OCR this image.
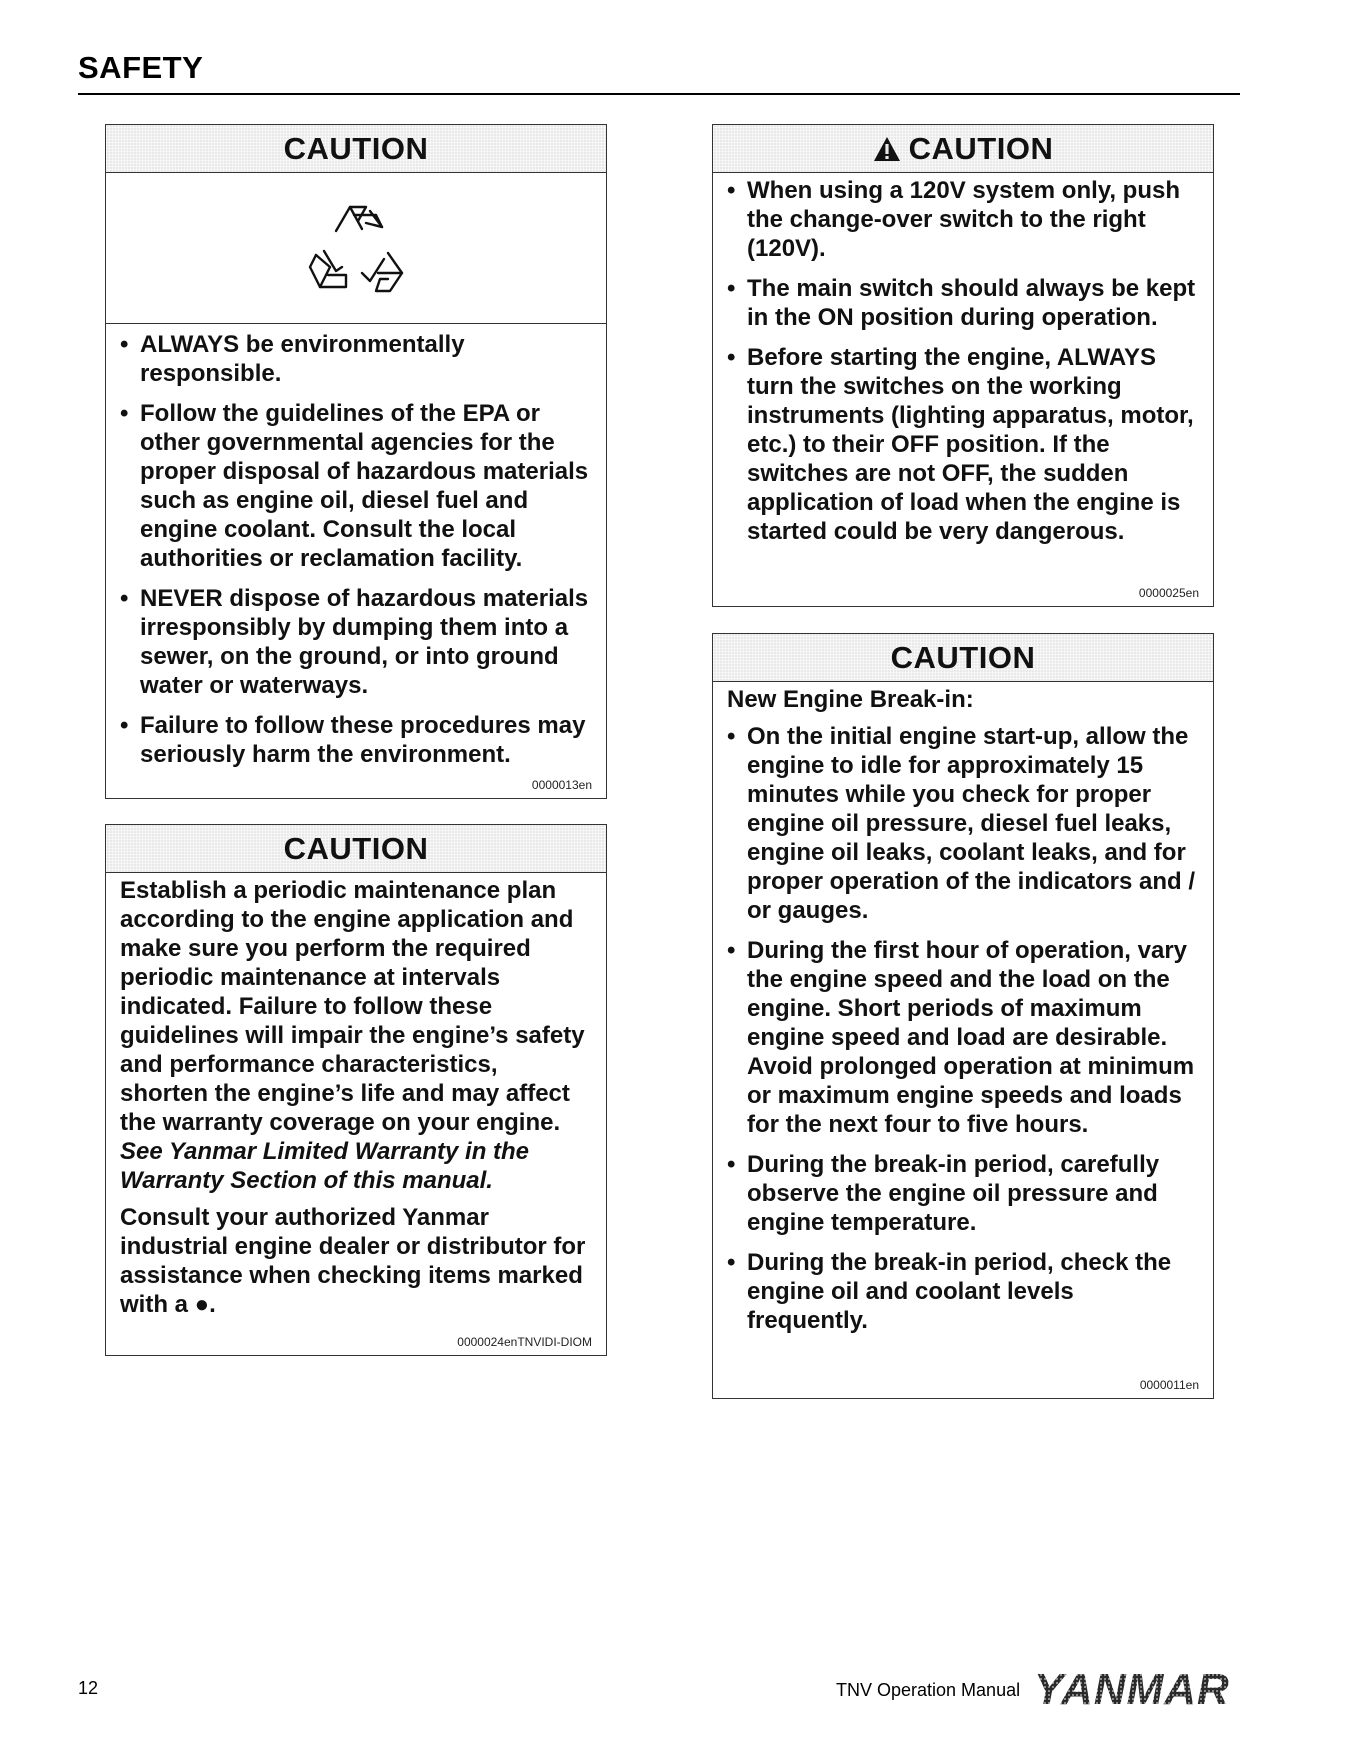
SAFETY
CAUTION
• ALWAYS be environmentally responsible.
• Follow the guidelines of the EPA or other governmental agencies for the proper disposal of hazardous materials such as engine oil, diesel fuel and engine coolant. Consult the local authorities or reclamation facility.
• NEVER dispose of hazardous materials irresponsibly by dumping them into a sewer, on the ground, or into ground water or waterways.
• Failure to follow these procedures may seriously harm the environment.
0000013en
CAUTION

Establish a periodic maintenance plan according to the engine application and make sure you perform the required periodic maintenance at intervals indicated. Failure to follow these guidelines will impair the engine’s safety and performance characteristics, shorten the engine’s life and may affect the warranty coverage on your engine. See Yanmar Limited Warranty in the Warranty Section of this manual.

Consult your authorized Yanmar industrial engine dealer or distributor for assistance when checking items marked with a ●.

0000024enTNVIDI-DIOM
CAUTION
• When using a 120V system only, push the change-over switch to the right (120V).
• The main switch should always be kept in the ON position during operation.
• Before starting the engine, ALWAYS turn the switches on the working instruments (lighting apparatus, motor, etc.) to their OFF position. If the switches are not OFF, the sudden application of load when the engine is started could be very dangerous.
0000025en
CAUTION

New Engine Break-in:

• On the initial engine start-up, allow the engine to idle for approximately 15 minutes while you check for proper engine oil pressure, diesel fuel leaks, engine oil leaks, coolant leaks, and for proper operation of the indicators and / or gauges.
• During the first hour of operation, vary the engine speed and the load on the engine. Short periods of maximum engine speed and load are desirable. Avoid prolonged operation at minimum or maximum engine speeds and loads for the next four to five hours.
• During the break-in period, carefully observe the engine oil pressure and engine temperature.
• During the break-in period, check the engine oil and coolant levels frequently.
0000011en

12	TNV Operation Manual YANMAR
